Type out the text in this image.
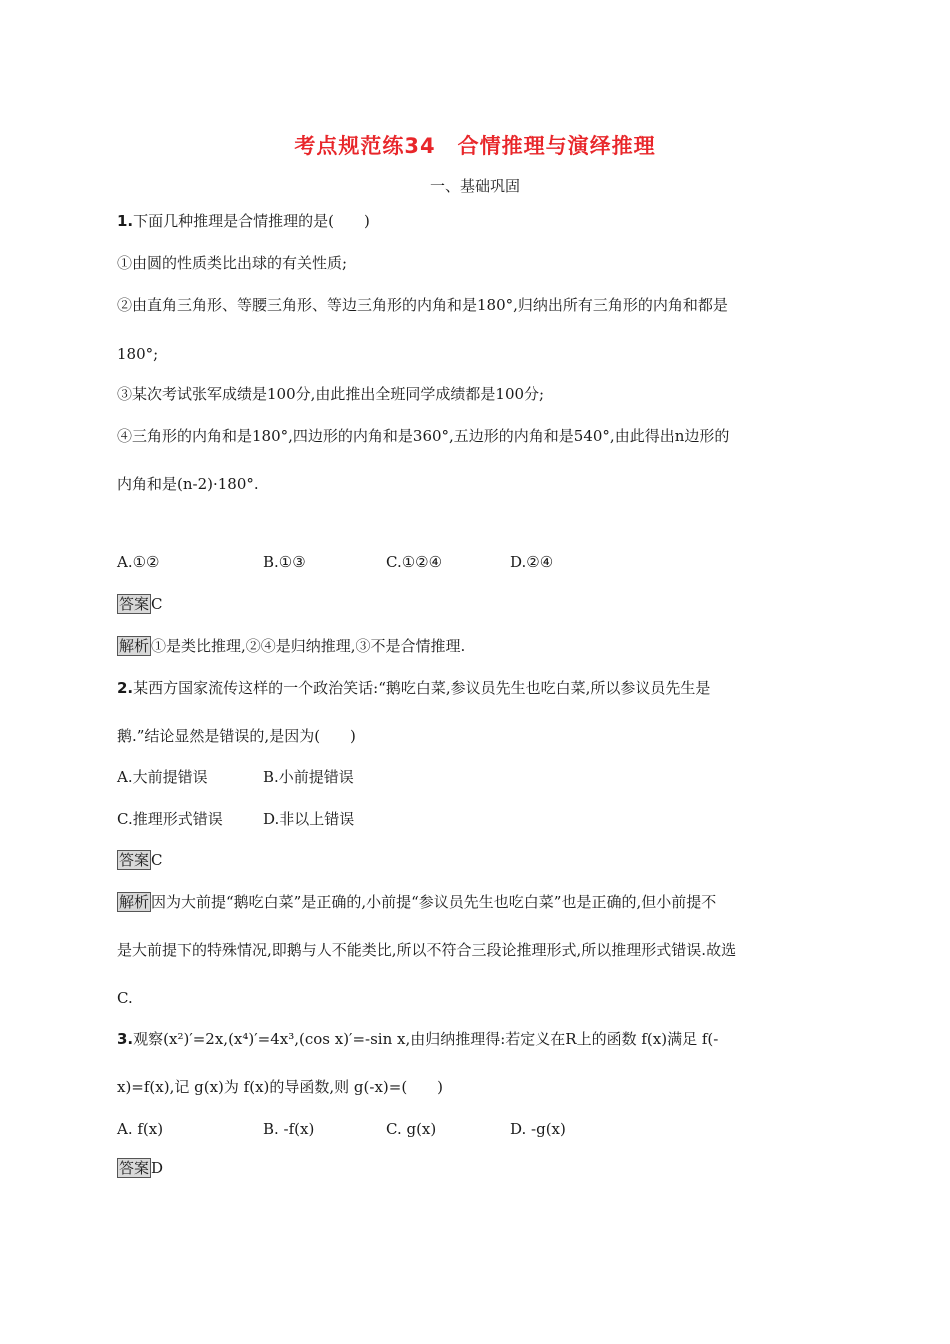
考点规范练34　合情推理与演绎推理
一、基础巩固
1.下面几种推理是合情推理的是(　　)
①由圆的性质类比出球的有关性质;
②由直角三角形、等腰三角形、等边三角形的内角和是180°,归纳出所有三角形的内角和都是
180°;
③某次考试张军成绩是100分,由此推出全班同学成绩都是100分;
④三角形的内角和是180°,四边形的内角和是360°,五边形的内角和是540°,由此得出n边形的
内角和是(n-2)·180°.
A.①②	B.①③	C.①②④	D.②④
答案 C
解析 ①是类比推理,②④是归纳推理,③不是合情推理.
2.某西方国家流传这样的一个政治笑话:“鹅吃白菜,参议员先生也吃白菜,所以参议员先生是
鹅.”结论显然是错误的,是因为(　　)
A.大前提错误	B.小前提错误
C.推理形式错误	D.非以上错误
答案 C
解析 因为大前提“鹅吃白菜”是正确的,小前提“参议员先生也吃白菜”也是正确的,但小前提不
是大前提下的特殊情况,即鹅与人不能类比,所以不符合三段论推理形式,所以推理形式错误.故选
C.
3.观察(x²)′=2x,(x⁴)′=4x³,(cos x)′=-sin x,由归纳推理得:若定义在R上的函数 f(x)满足 f(-
x)=f(x),记 g(x)为 f(x)的导函数,则 g(-x)=(　　)
A. f(x)	B. -f(x)	C. g(x)	D. -g(x)
答案 D
